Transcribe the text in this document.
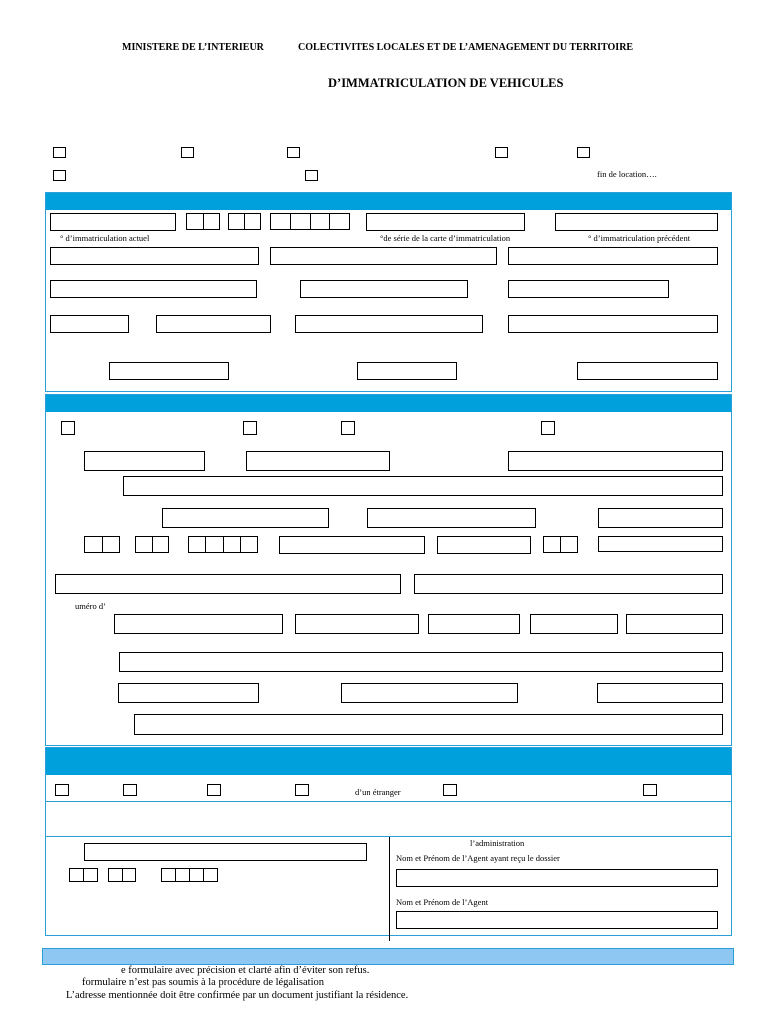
MINISTERE DE L’INTERIEUR	COLECTIVITES LOCALES ET DE L’AMENAGEMENT DU TERRITOIRE
D’IMMATRICULATION DE VEHICULES
fin de location….
° d’immatriculation actuel	°de série de la carte d’immatriculation	° d’immatriculation précédent
uméro d’
d’un étranger
l’administration
Nom et Prénom de l’Agent ayant reçu le dossier
Nom et Prénom de l’Agent
e formulaire avec précision et clarté afin d’éviter son refus.
formulaire n’est pas soumis à la procédure de légalisation
L’adresse mentionnée doit être confirmée par un document justifiant la résidence.
